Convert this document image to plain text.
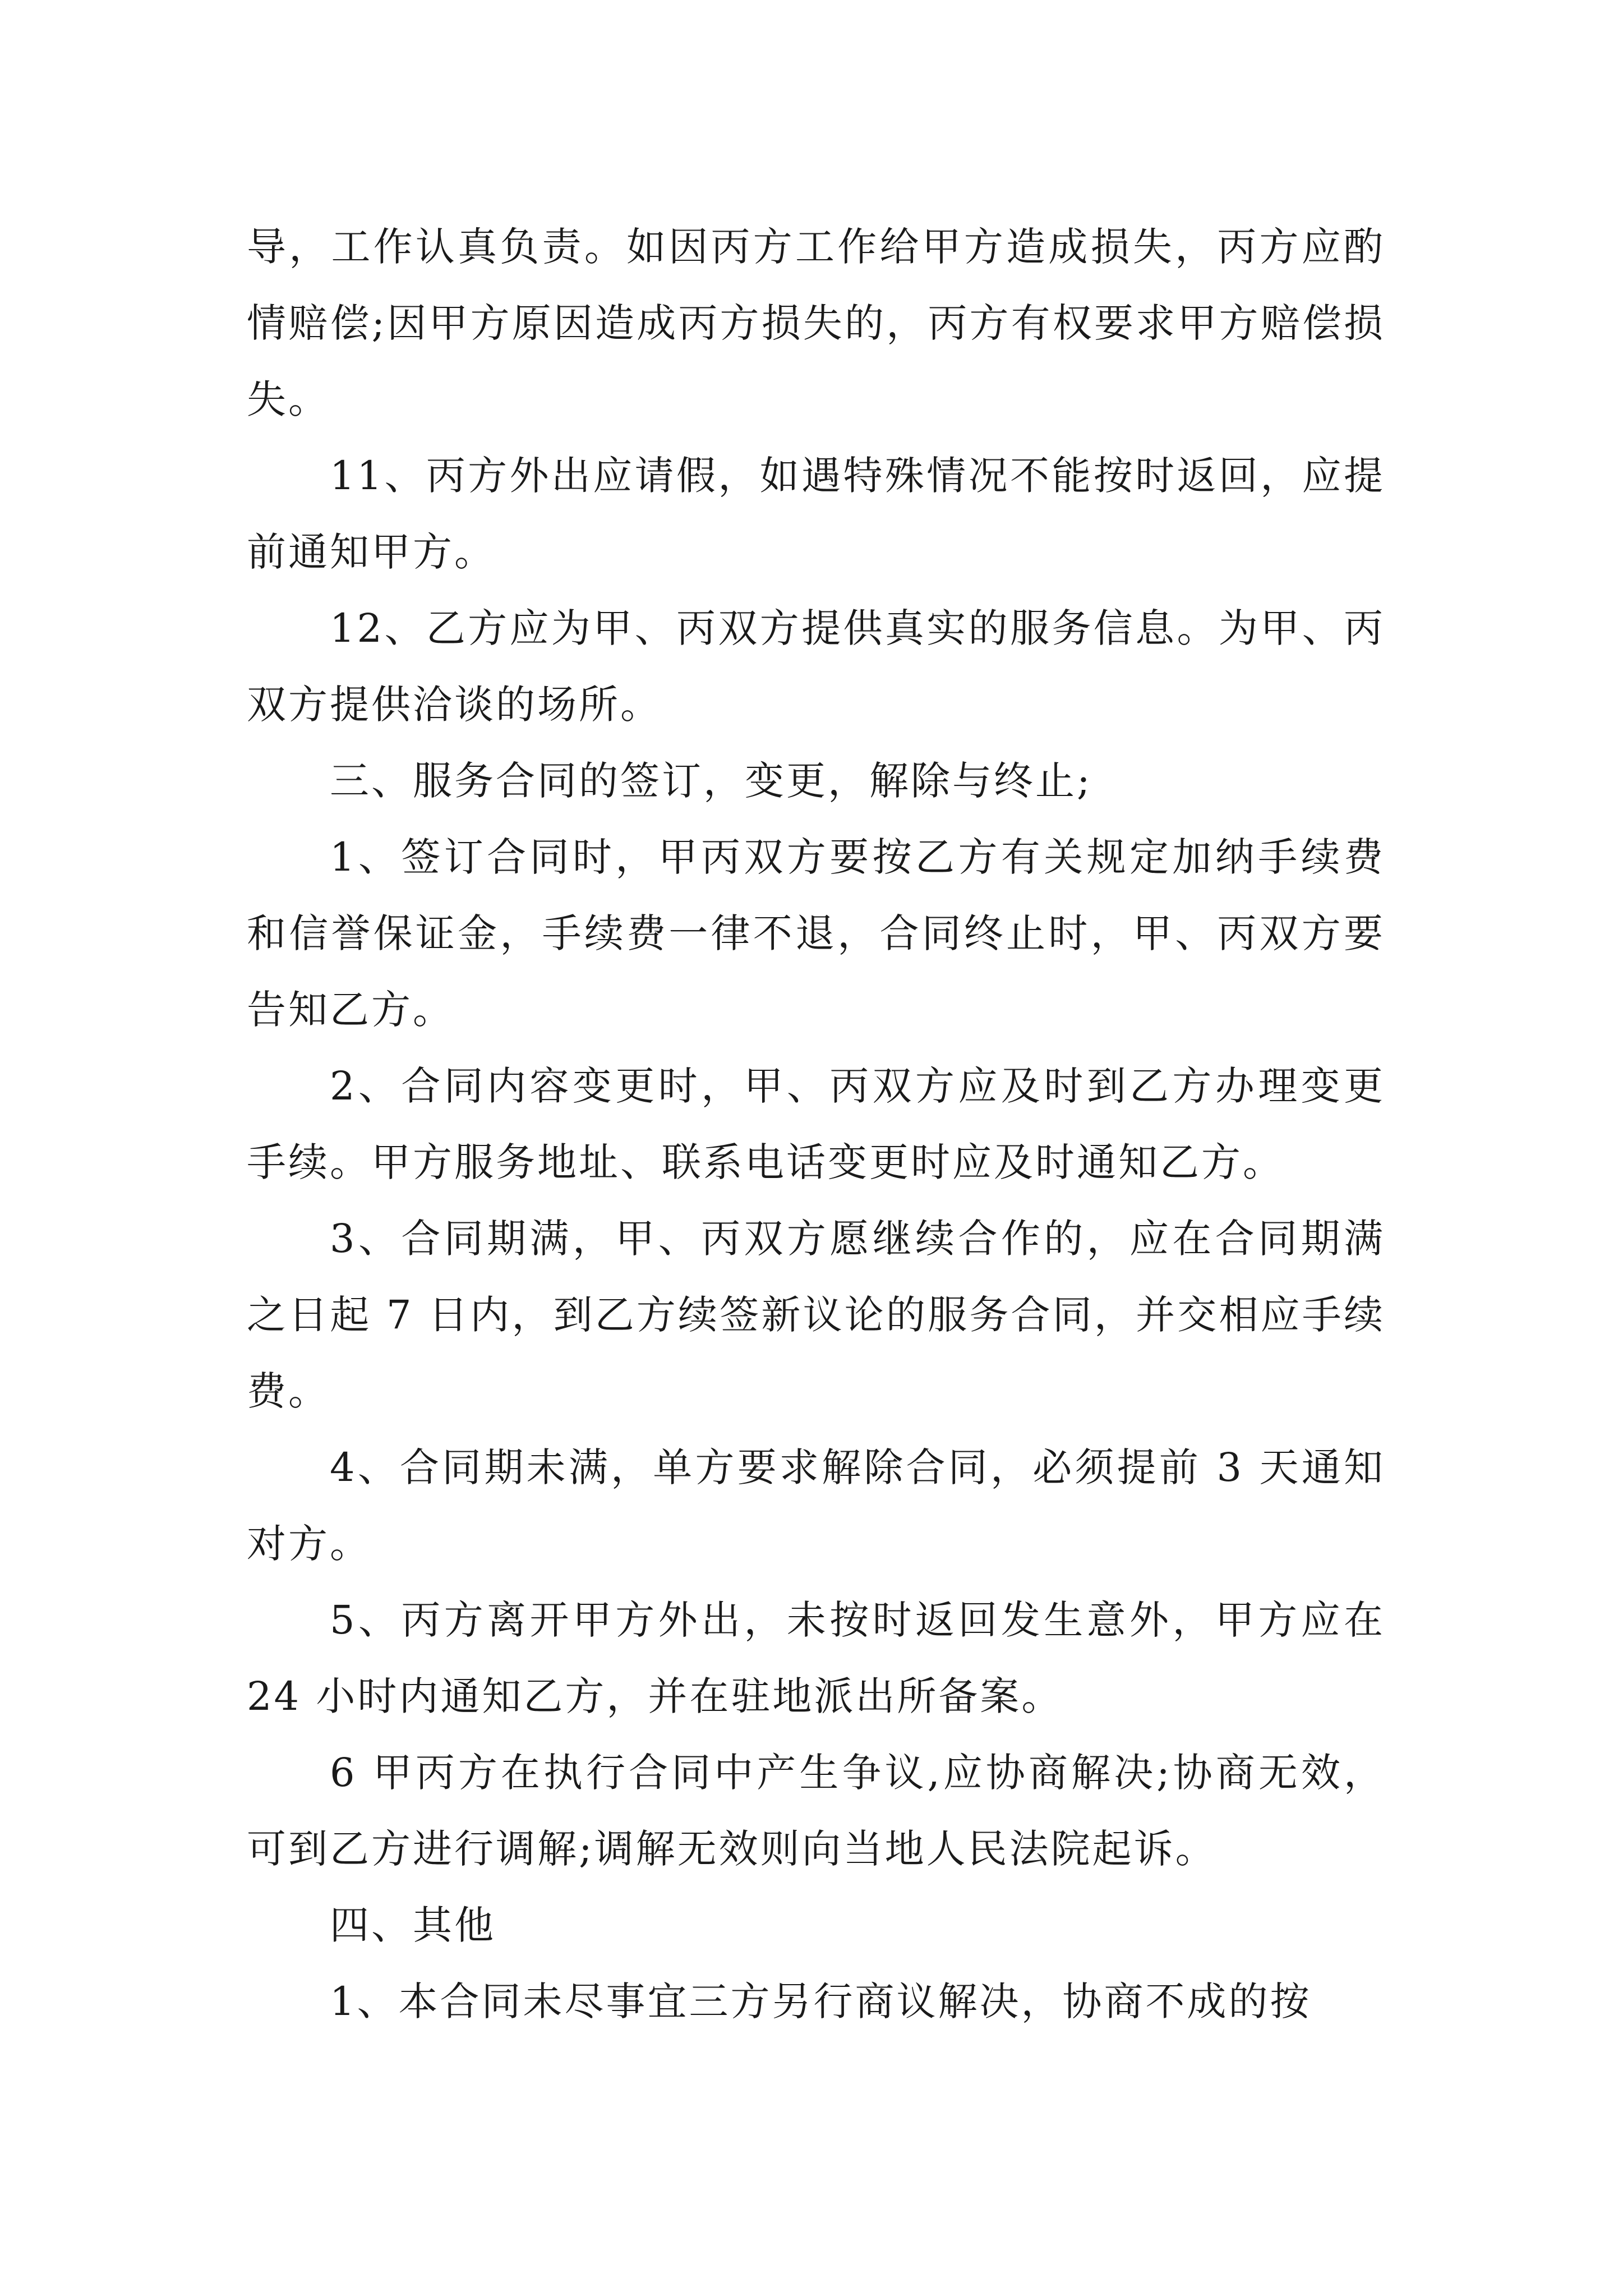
导，工作认真负责。如因丙方工作给甲方造成损失，丙方应酌情赔偿;因甲方原因造成丙方损失的，丙方有权要求甲方赔偿损失。

11、丙方外出应请假，如遇特殊情况不能按时返回，应提前通知甲方。

12、乙方应为甲、丙双方提供真实的服务信息。为甲、丙双方提供洽谈的场所。

三、服务合同的签订，变更，解除与终止;

1、签订合同时，甲丙双方要按乙方有关规定加纳手续费和信誉保证金，手续费一律不退，合同终止时，甲、丙双方要告知乙方。

2、合同内容变更时，甲、丙双方应及时到乙方办理变更手续。甲方服务地址、联系电话变更时应及时通知乙方。

3、合同期满，甲、丙双方愿继续合作的，应在合同期满之日起 7 日内，到乙方续签新议论的服务合同，并交相应手续费。

4、合同期未满，单方要求解除合同，必须提前 3 天通知对方。

5、丙方离开甲方外出，未按时返回发生意外，甲方应在 24 小时内通知乙方，并在驻地派出所备案。

6 甲丙方在执行合同中产生争议,应协商解决;协商无效，可到乙方进行调解;调解无效则向当地人民法院起诉。

四、其他

1、本合同未尽事宜三方另行商议解决，协商不成的按
